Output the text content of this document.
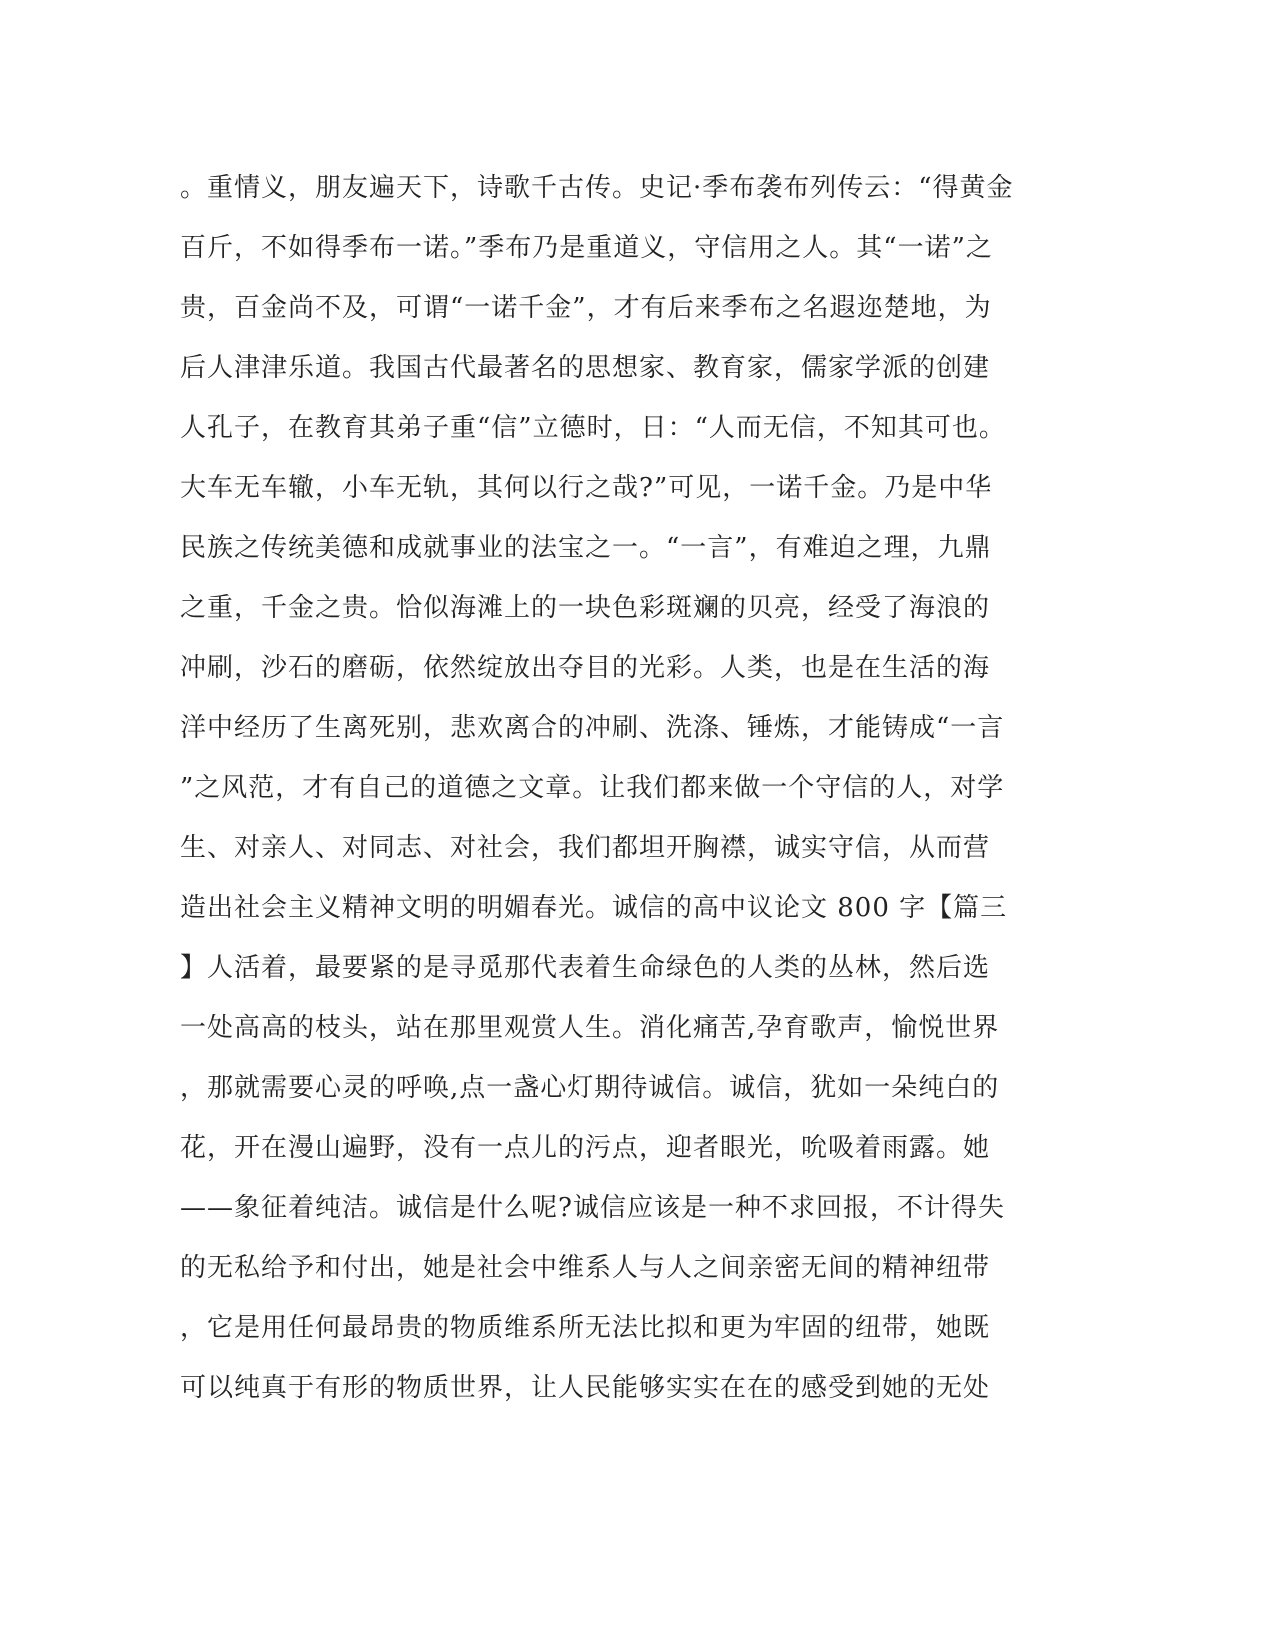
。重情义，朋友遍天下，诗歌千古传。史记·季布袭布列传云：“得黄金
百斤，不如得季布一诺。”季布乃是重道义，守信用之人。其“一诺”之
贵，百金尚不及，可谓“一诺千金”，才有后来季布之名遐迩楚地，为
后人津津乐道。我国古代最著名的思想家、教育家，儒家学派的创建
人孔子，在教育其弟子重“信”立德时，日：“人而无信，不知其可也。
大车无车辙，小车无轨，其何以行之哉?”可见，一诺千金。乃是中华
民族之传统美德和成就事业的法宝之一。“一言”，有难迫之理，九鼎
之重，千金之贵。恰似海滩上的一块色彩斑斓的贝亮，经受了海浪的
冲刷，沙石的磨砺，依然绽放出夺目的光彩。人类，也是在生活的海
洋中经历了生离死别，悲欢离合的冲刷、洗涤、锤炼，才能铸成“一言
”之风范，才有自己的道德之文章。让我们都来做一个守信的人，对学
生、对亲人、对同志、对社会，我们都坦开胸襟，诚实守信，从而营
造出社会主义精神文明的明媚春光。诚信的高中议论文 800 字【篇三
】人活着，最要紧的是寻觅那代表着生命绿色的人类的丛林，然后选
一处高高的枝头，站在那里观赏人生。消化痛苦,孕育歌声，愉悦世界
，那就需要心灵的呼唤,点一盏心灯期待诚信。诚信，犹如一朵纯白的
花，开在漫山遍野，没有一点儿的污点，迎者眼光，吮吸着雨露。她
——象征着纯洁。诚信是什么呢?诚信应该是一种不求回报，不计得失
的无私给予和付出，她是社会中维系人与人之间亲密无间的精神纽带
，它是用任何最昂贵的物质维系所无法比拟和更为牢固的纽带，她既
可以纯真于有形的物质世界，让人民能够实实在在的感受到她的无处
